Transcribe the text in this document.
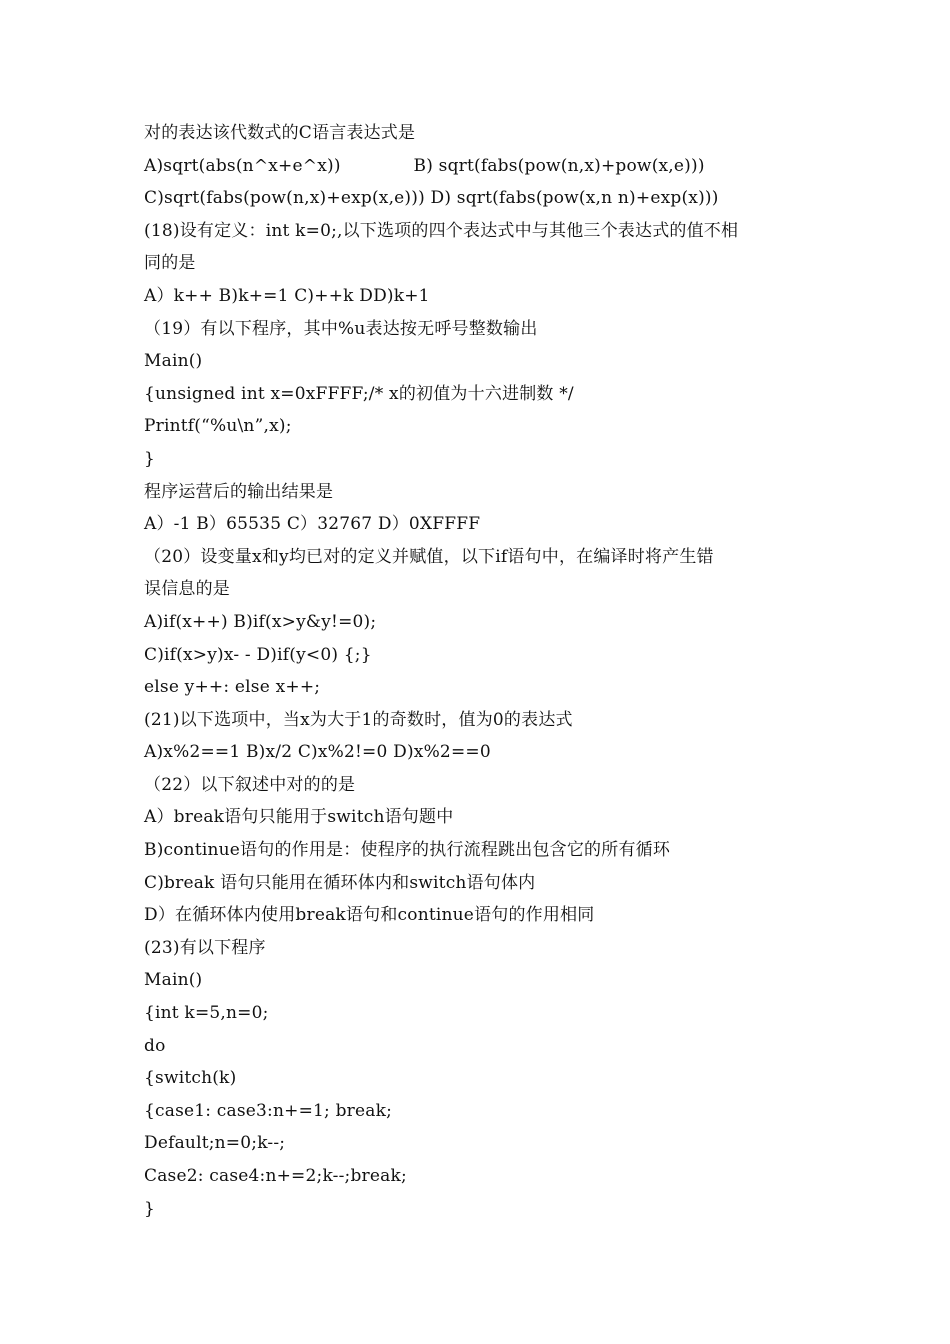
对的表达该代数式的C语言表达式是
A)sqrt(abs(n^x+e^x))             B) sqrt(fabs(pow(n,x)+pow(x,e)))
C)sqrt(fabs(pow(n,x)+exp(x,e))) D) sqrt(fabs(pow(x,n n)+exp(x)))
(18)设有定义：int k=0;,以下选项的四个表达式中与其他三个表达式的值不相
同的是
A）k++ B)k+=1 C)++k DD)k+1
（19）有以下程序，其中%u表达按无呼号整数输出
Main()
{unsigned int x=0xFFFF;/* x的初值为十六进制数 */
Printf(“%u\n”,x);
}
程序运营后的输出结果是
A）-1 B）65535 C）32767 D）0XFFFF
（20）设变量x和y均已对的定义并赋值，以下if语句中，在编译时将产生错
误信息的是
A)if(x++) B)if(x>y&y!=0);
C)if(x>y)x- - D)if(y<0) {;}
else y++: else x++;
(21)以下选项中，当x为大于1的奇数时，值为0的表达式
A)x%2==1 B)x/2 C)x%2!=0 D)x%2==0
（22）以下叙述中对的的是
A）break语句只能用于switch语句题中
B)continue语句的作用是：使程序的执行流程跳出包含它的所有循环
C)break 语句只能用在循环体内和switch语句体内
D）在循环体内使用break语句和continue语句的作用相同
(23)有以下程序
Main()
{int k=5,n=0;
do
{switch(k)
{case1: case3:n+=1; break;
Default;n=0;k--;
Case2: case4:n+=2;k--;break;
}
